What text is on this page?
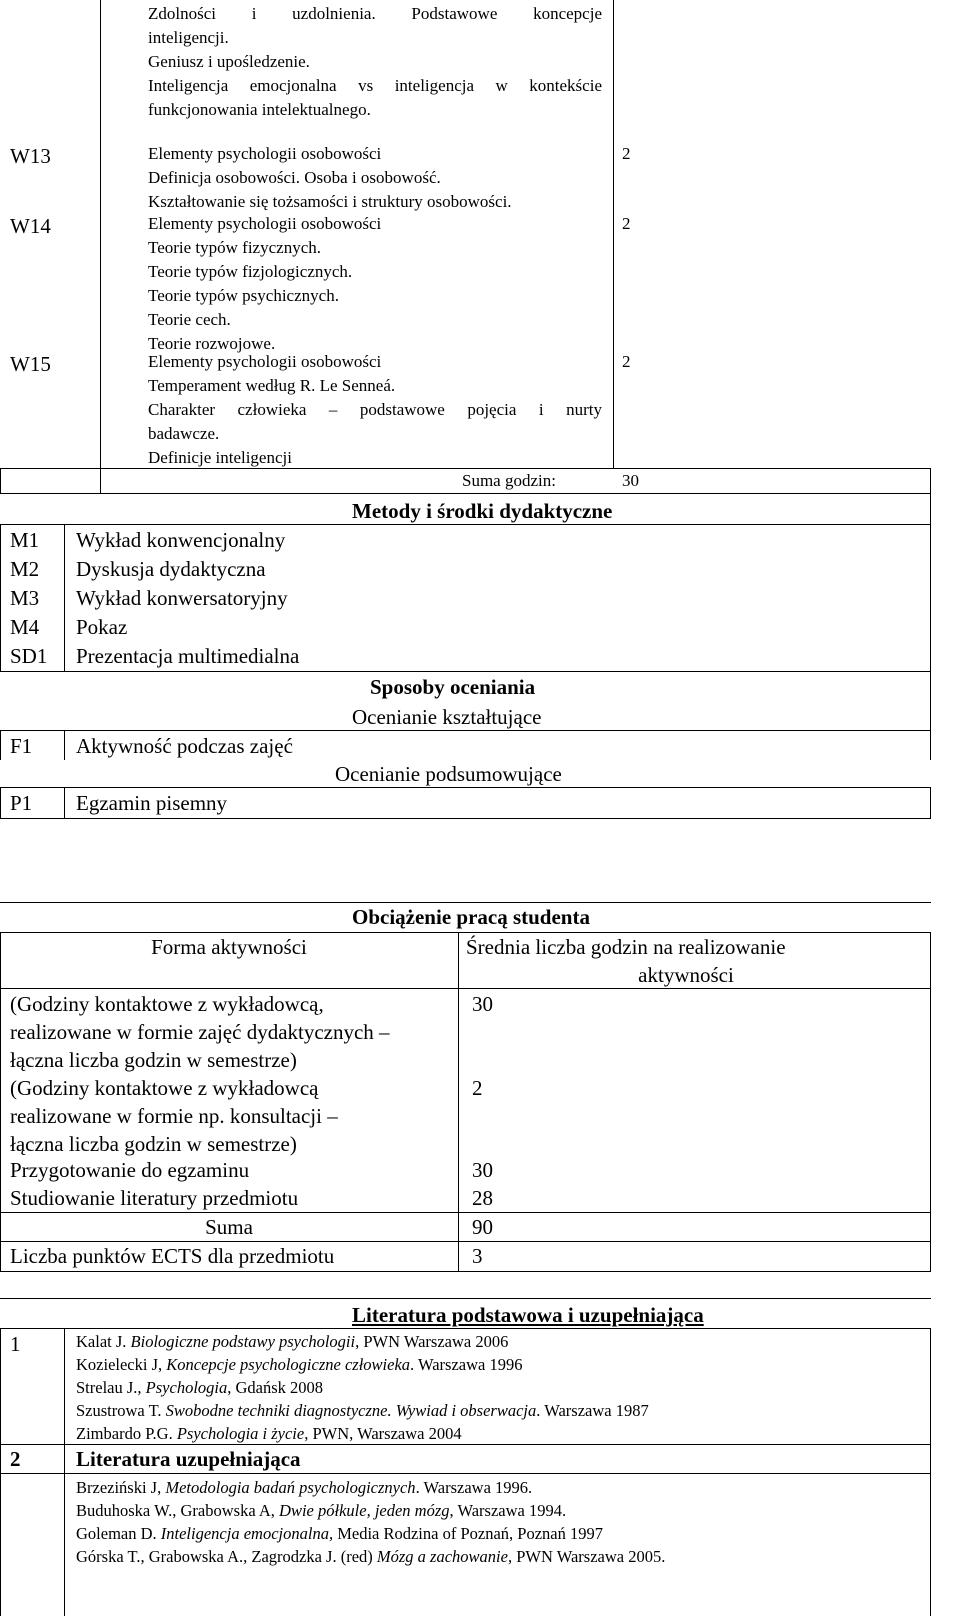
Zdolności i uzdolnienia. Podstawowe koncepcje
inteligencji.
Geniusz i upośledzenie.
Inteligencja emocjonalna vs inteligencja w kontekście
funkcjonowania intelektualnego.
W13	Elementy psychologii osobowości
Definicja osobowości. Osoba i osobowość.
Kształtowanie się tożsamości i struktury osobowości.
2
W14	Elementy psychologii osobowości
Teorie typów fizycznych.
Teorie typów fizjologicznych.
Teorie typów psychicznych.
Teorie cech.
Teorie rozwojowe.
2
W15	Elementy psychologii osobowości
Temperament według R. Le Senneá.
Charakter człowieka – podstawowe pojęcia i nurty
badawcze.
Definicje inteligencji
2
Suma godzin:	30
Metody i środki dydaktyczne
M1 Wykład konwencjonalny
M2 Dyskusja dydaktyczna
M3 Wykład konwersatoryjny
M4 Pokaz
SD1 Prezentacja multimedialna
Sposoby oceniania
Ocenianie kształtujące
F1 Aktywność podczas zajęć
Ocenianie podsumowujące
P1 Egzamin pisemny
Obciążenie pracą studenta
Forma aktywności	Średnia liczba godzin na realizowanie
aktywności
(Godziny kontaktowe z wykładowcą,
realizowane w formie zajęć dydaktycznych –
łączna liczba godzin w semestrze)
30
(Godziny kontaktowe z wykładowcą
realizowane w formie np. konsultacji –
łączna liczba godzin w semestrze)
2
Przygotowanie do egzaminu	30
Studiowanie literatury przedmiotu	28
Suma	90
Liczba punktów ECTS dla przedmiotu	3
Literatura podstawowa i uzupełniająca
1	Kalat J. Biologiczne podstawy psychologii, PWN Warszawa 2006
Kozielecki J, Koncepcje psychologiczne człowieka. Warszawa 1996
Strelau J., Psychologia, Gdańsk 2008
Szustrowa T. Swobodne techniki diagnostyczne. Wywiad i obserwacja. Warszawa 1987
Zimbardo P.G. Psychologia i życie, PWN, Warszawa 2004
2	Literatura uzupełniająca
Brzeziński J, Metodologia badań psychologicznych. Warszawa 1996.
Buduhoska W., Grabowska A, Dwie półkule, jeden mózg, Warszawa 1994.
Goleman D. Inteligencja emocjonalna, Media Rodzina of Poznań, Poznań 1997
Górska T., Grabowska A., Zagrodzka J. (red) Mózg a zachowanie, PWN Warszawa 2005.
